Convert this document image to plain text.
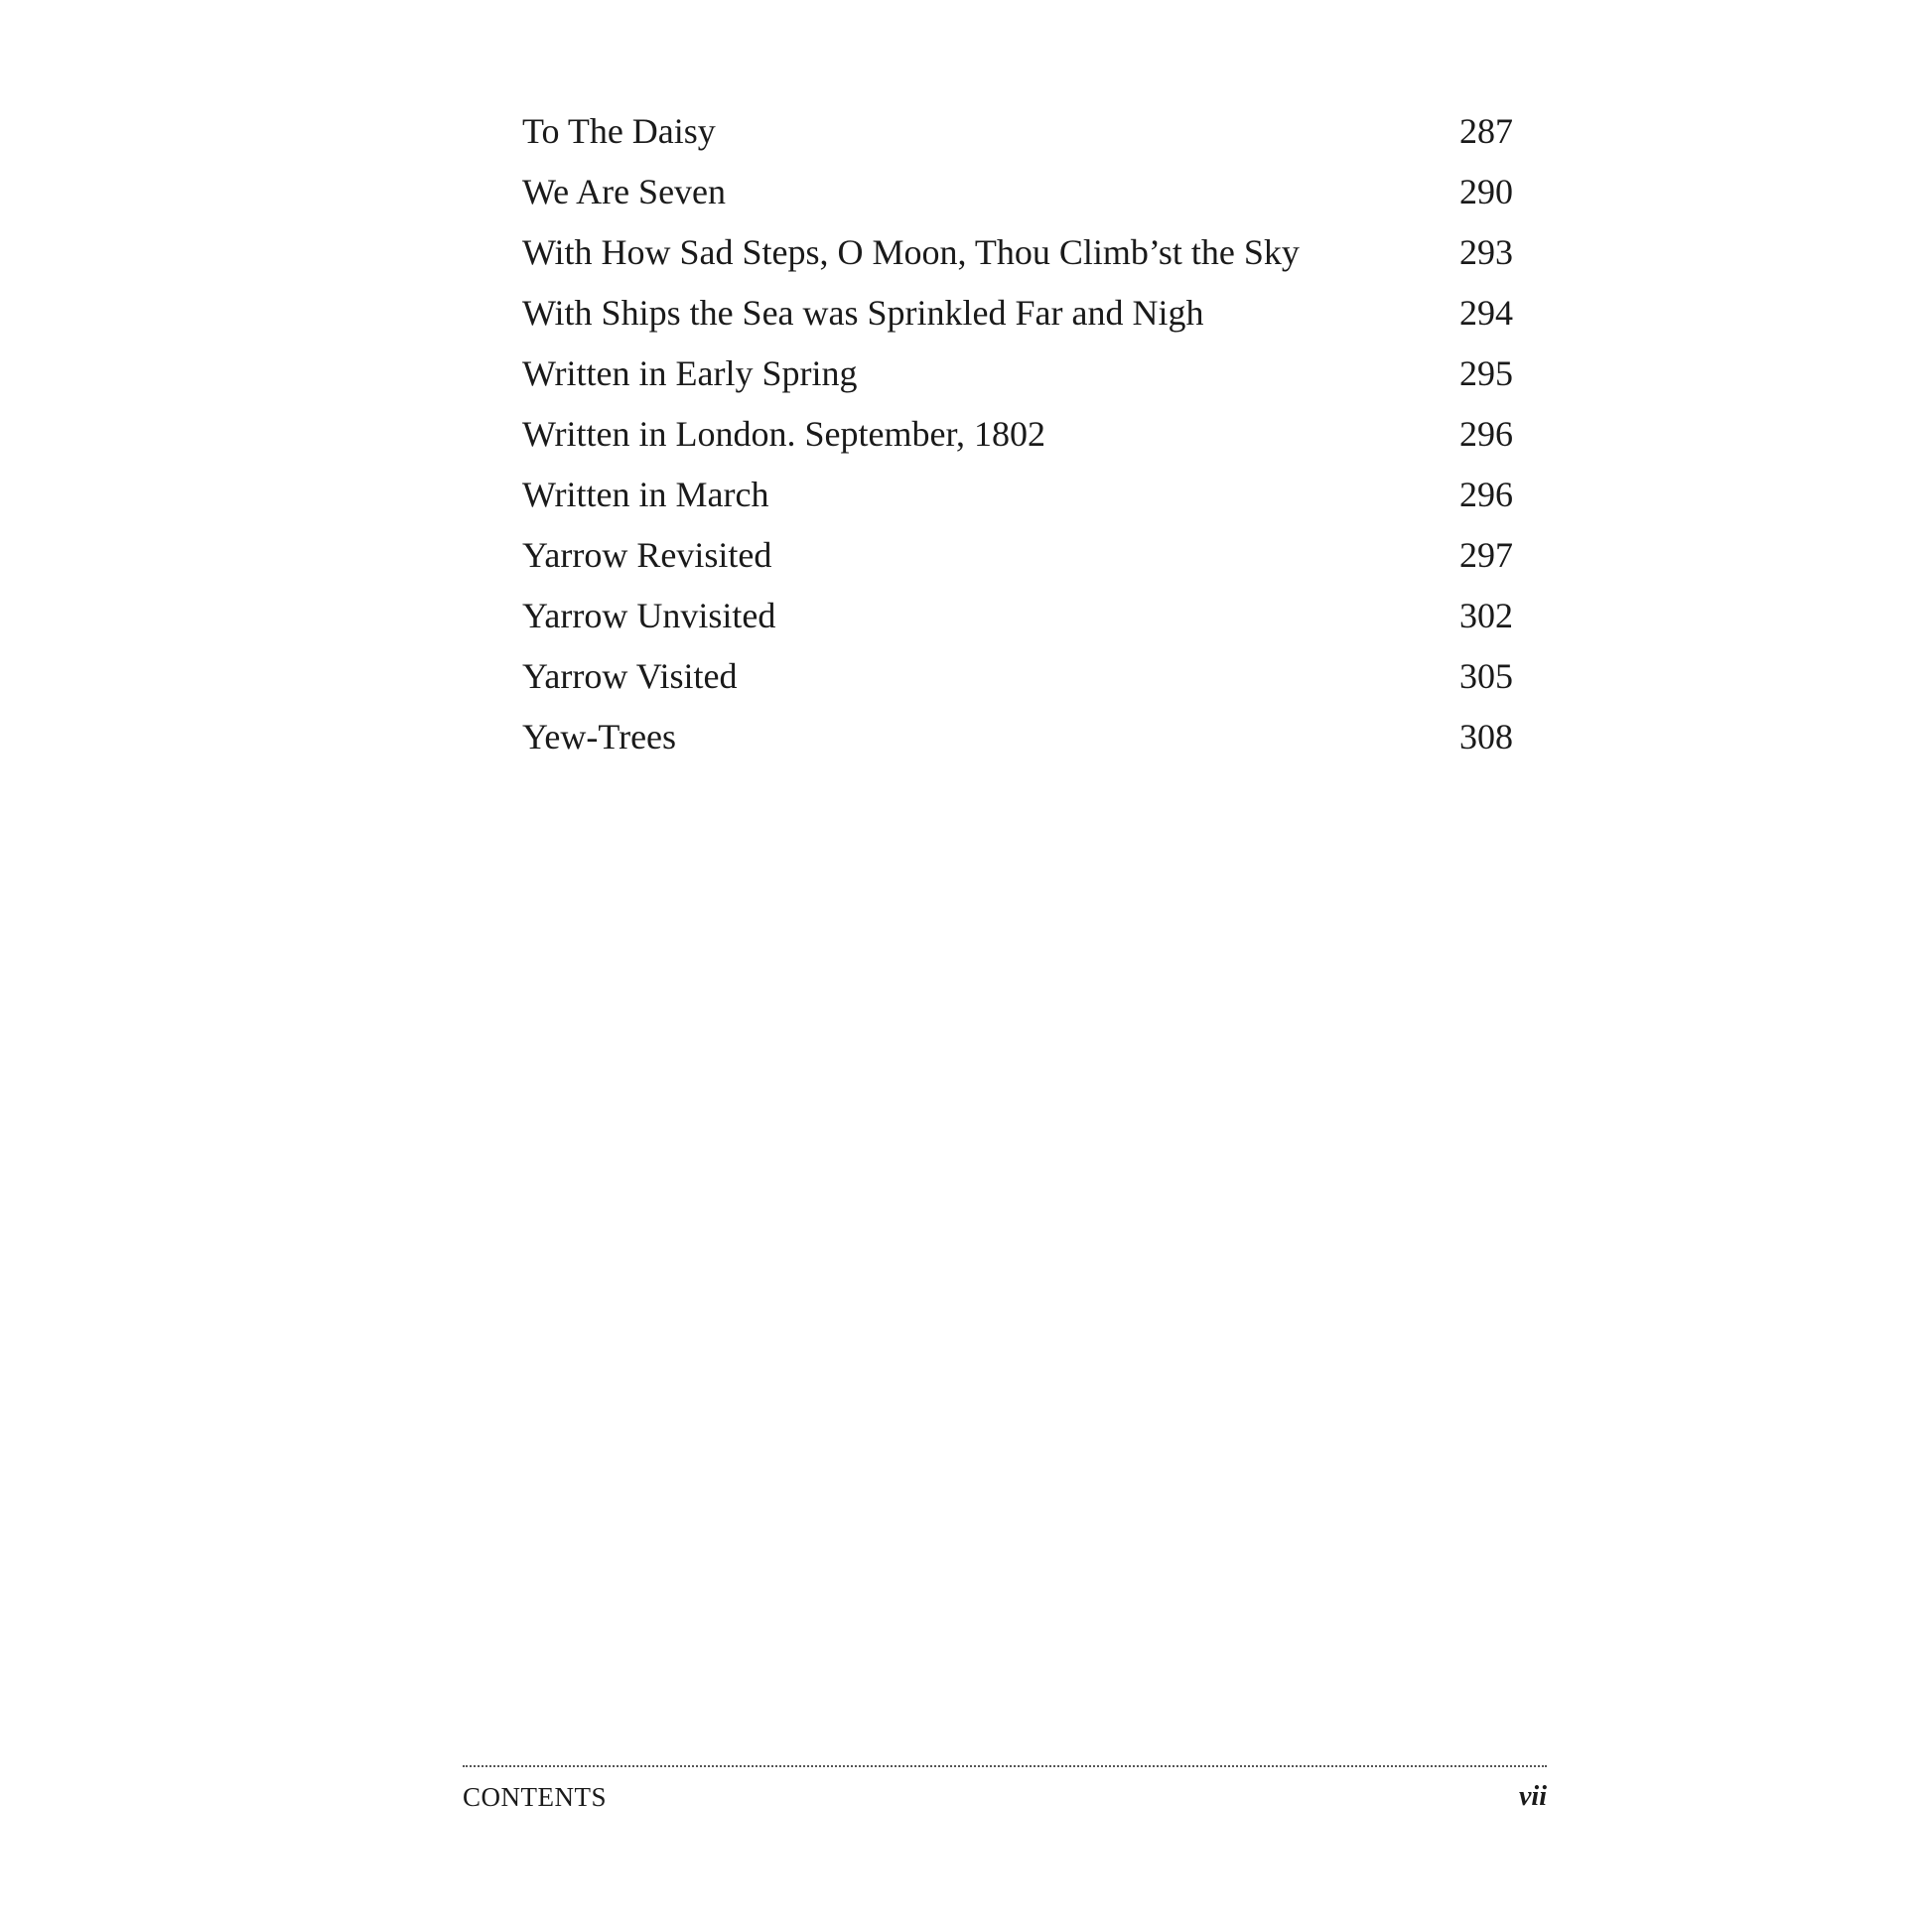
To The Daisy	287
We Are Seven	290
With How Sad Steps, O Moon, Thou Climb’st the Sky	293
With Ships the Sea was Sprinkled Far and Nigh	294
Written in Early Spring	295
Written in London. September, 1802	296
Written in March	296
Yarrow Revisited	297
Yarrow Unvisited	302
Yarrow Visited	305
Yew-Trees	308
CONTENTS	vii
